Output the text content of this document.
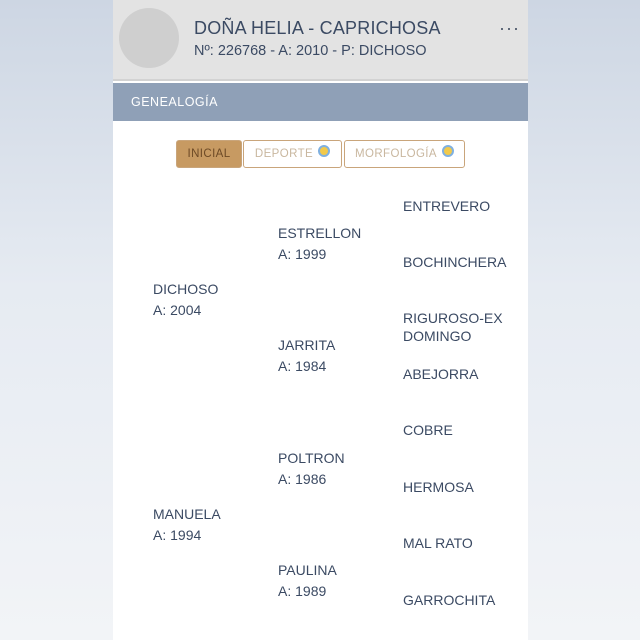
DOÑA HELIA - CAPRICHOSA
Nº: 226768 - A: 2010 - P: DICHOSO
···
GENEALOGÍA
INICIAL DEPORTE	MORFOLOGÍA
DICHOSO
A: 2004
MANUELA
A: 1994
ESTRELLON
A: 1999
JARRITA
A: 1984
POLTRON
A: 1986
PAULINA
A: 1989
ENTREVERO
BOCHINCHERA
RIGUROSO-EX DOMINGO
ABEJORRA
COBRE
HERMOSA
MAL RATO
GARROCHITA
